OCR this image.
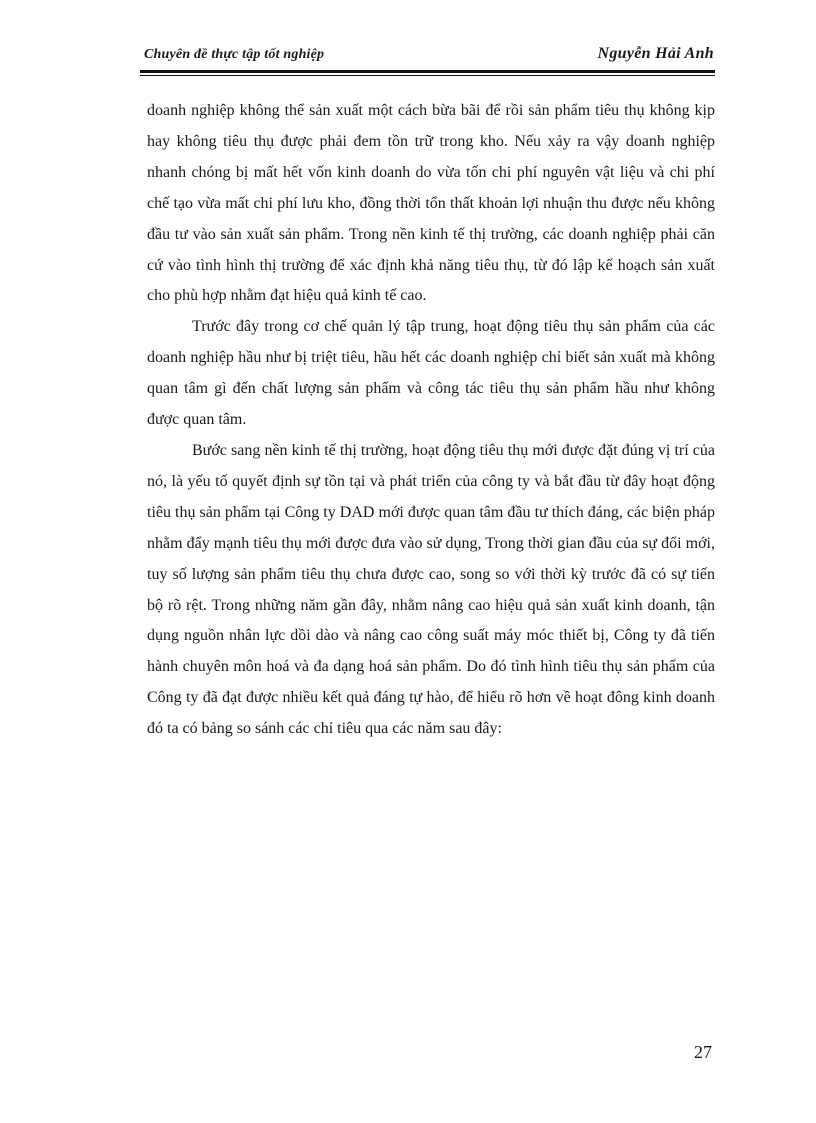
Chuyên đề thực tập tốt nghiệp	Nguyễn Hải Anh

doanh nghiệp không thể sản xuất một cách bừa bãi để rồi sản phẩm tiêu thụ không kịp hay không tiêu thụ được phải đem tồn trữ trong kho. Nếu xảy ra vậy doanh nghiệp nhanh chóng bị mất hết vốn kinh doanh do vừa tốn chi phí nguyên vật liệu và chi phí chế tạo vừa mất chi phí lưu kho, đồng thời tổn thất khoản lợi nhuận thu được nếu không đầu tư vào sản xuất sản phẩm. Trong nền kinh tế thị trường, các doanh nghiệp phải căn cứ vào tình hình thị trường để xác định khả năng tiêu thụ, từ đó lập kế hoạch sản xuất cho phù hợp nhằm đạt hiệu quả kinh tế cao.

Trước đây trong cơ chế quản lý tập trung, hoạt động tiêu thụ sản phẩm của các doanh nghiệp hầu như bị triệt tiêu, hầu hết các doanh nghiệp chỉ biết sản xuất mà không quan tâm gì đến chất lượng sản phẩm và công tác tiêu thụ sản phẩm hầu như không được quan tâm.

Bước sang nền kinh tế thị trường, hoạt động tiêu thụ mới được đặt đúng vị trí của nó, là yếu tố quyết định sự tồn tại và phát triển của công ty và bắt đầu từ đây hoạt động tiêu thụ sản phẩm tại Công ty DAD mới được quan tâm đầu tư thích đáng, các biện pháp nhằm đẩy mạnh tiêu thụ mới được đưa vào sử dụng, Trong thời gian đầu của sự đổi mới, tuy số lượng sản phẩm tiêu thụ chưa được cao, song so với thời kỳ trước đã có sự tiến bộ rõ rệt. Trong những năm gần đây, nhằm nâng cao hiệu quả sản xuất kinh doanh, tận dụng nguồn nhân lực dồi dào và nâng cao công suất máy móc thiết bị, Công ty đã tiến hành chuyên môn hoá và đa dạng hoá sản phẩm. Do đó tình hình tiêu thụ sản phẩm của Công ty đã đạt được nhiều kết quả đáng tự hào, để hiểu rõ hơn về hoạt đông kinh doanh đó ta có bảng so sánh các chỉ tiêu qua các năm sau đây:

27
